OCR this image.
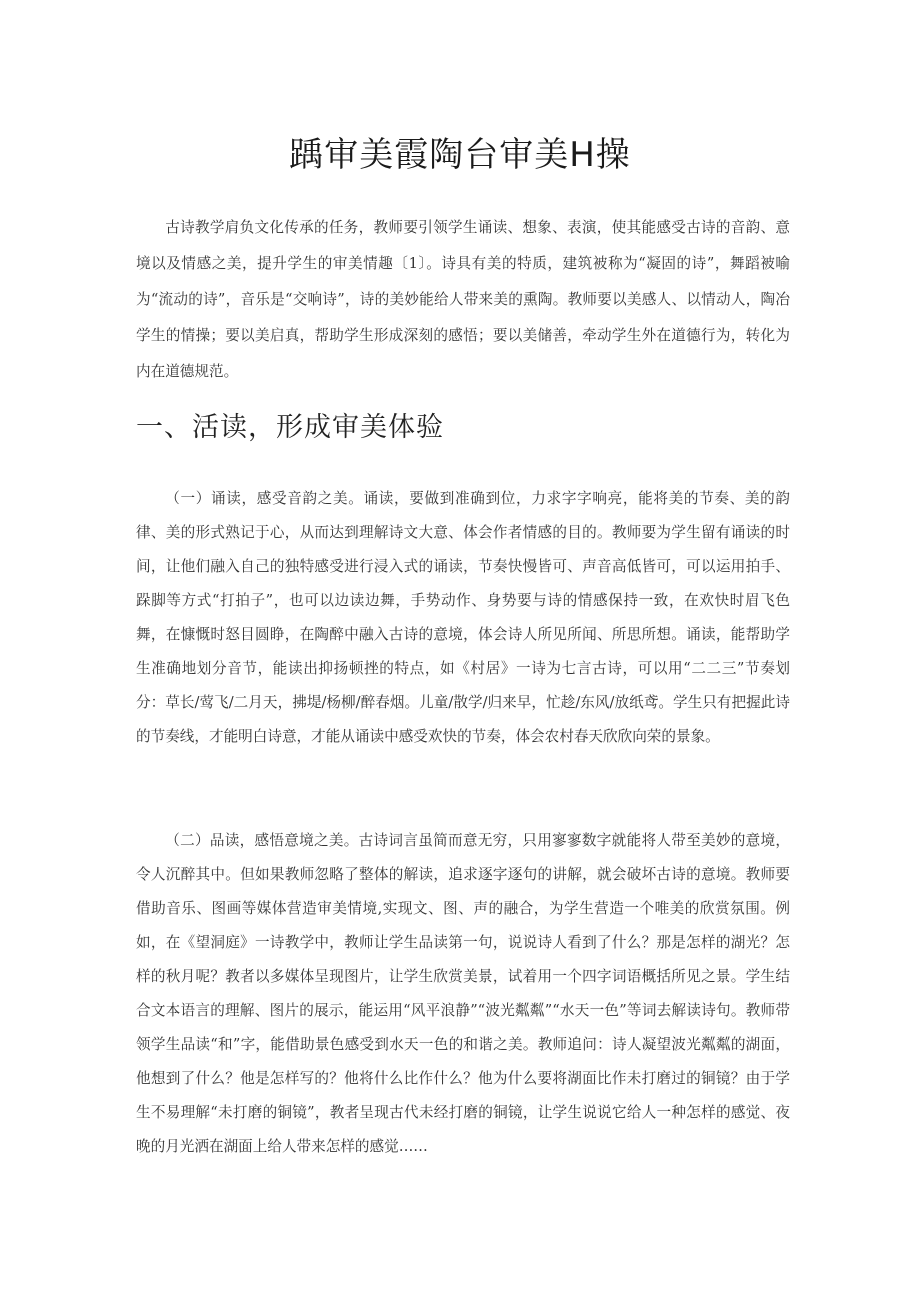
踽审美霞陶台审美H操

古诗教学肩负文化传承的任务，教师要引领学生诵读、想象、表演，使其能感受古诗的音韵、意境以及情感之美，提升学生的审美情趣〔1〕。诗具有美的特质，建筑被称为“凝固的诗”，舞蹈被喻为“流动的诗”，音乐是“交响诗”，诗的美妙能给人带来美的熏陶。教师要以美感人、以情动人，陶冶学生的情操；要以美启真，帮助学生形成深刻的感悟；要以美储善，牵动学生外在道德行为，转化为内在道德规范。

一、活读，形成审美体验

（一）诵读，感受音韵之美。诵读，要做到准确到位，力求字字响亮，能将美的节奏、美的韵律、美的形式熟记于心，从而达到理解诗文大意、体会作者情感的目的。教师要为学生留有诵读的时间，让他们融入自己的独特感受进行浸入式的诵读，节奏快慢皆可、声音高低皆可，可以运用拍手、跺脚等方式“打拍子”，也可以边读边舞，手势动作、身势要与诗的情感保持一致，在欢快时眉飞色舞，在慷慨时怒目圆睁，在陶醉中融入古诗的意境，体会诗人所见所闻、所思所想。诵读，能帮助学生准确地划分音节，能读出抑扬顿挫的特点，如《村居》一诗为七言古诗，可以用“二二三”节奏划分：草长/莺飞/二月天，拂堤/杨柳/醉春烟。儿童/散学/归来早，忙趁/东风/放纸鸢。学生只有把握此诗的节奏线，才能明白诗意，才能从诵读中感受欢快的节奏，体会农村春天欣欣向荣的景象。

（二）品读，感悟意境之美。古诗词言虽简而意无穷，只用寥寥数字就能将人带至美妙的意境，令人沉醉其中。但如果教师忽略了整体的解读，追求逐字逐句的讲解，就会破坏古诗的意境。教师要借助音乐、图画等媒体营造审美情境,实现文、图、声的融合，为学生营造一个唯美的欣赏氛围。例如，在《望洞庭》一诗教学中，教师让学生品读第一句，说说诗人看到了什么？那是怎样的湖光？怎样的秋月呢？教者以多媒体呈现图片，让学生欣赏美景，试着用一个四字词语概括所见之景。学生结合文本语言的理解、图片的展示，能运用“风平浪静”“波光粼粼”“水天一色”等词去解读诗句。教师带领学生品读“和”字，能借助景色感受到水天一色的和谐之美。教师追问：诗人凝望波光粼粼的湖面，他想到了什么？他是怎样写的？他将什么比作什么？他为什么要将湖面比作未打磨过的铜镜？由于学生不易理解“未打磨的铜镜”，教者呈现古代未经打磨的铜镜，让学生说说它给人一种怎样的感觉、夜晚的月光洒在湖面上给人带来怎样的感觉……
